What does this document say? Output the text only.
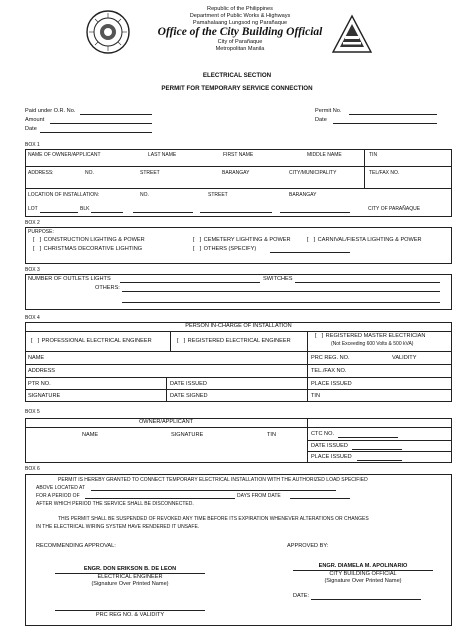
Republic of the Philippines
Department of Public Works & Highways
Pamahalaang Lungsod ng Parañaque
Office of the City Building Official
City of Parañaque
Metropolitan Manila
ELECTRICAL SECTION
PERMIT FOR TEMPORARY SERVICE CONNECTION
Paid under O.R. No.
Amount
Date
Permit No.
Date
BOX 1
NAME OF OWNER/APPLICANT	LAST NAME	FIRST NAME	MIDDLE NAME	TIN
ADDRESS:	NO.	STREET	BARANGAY	CITY/MUNICIPALITY	TEL/FAX NO.
LOCATION OF INSTALLATION:	NO.	STREET	BARANGAY
LOT	BLK	CITY OF PARAÑAQUE
BOX 2
PURPOSE:
[ ] CONSTRUCTION LIGHTING & POWER	[ ] CEMETERY LIGHTING & POWER	[ ] CARNIVAL/FIESTA LIGHTING & POWER
[ ] CHRISTMAS DECORATIVE LIGHTING	[ ] OTHERS (SPECIFY)
BOX 3
NUMBER OF OUTLETS LIGHTS	SWITCHES
OTHERS:
BOX 4
PERSON IN-CHARGE OF INSTALLATION
[ ] PROFESSIONAL ELECTRICAL ENGINEER	[ ] REGISTERED ELECTRICAL ENGINEER
[ ] REGISTERED MASTER ELECTRICIAN
(Not Exceeding 600 Volts & 500 kVA)
NAME	PRC REG. NO.	VALIDITY
ADDRESS	TEL./FAX NO.
PTR NO.	DATE ISSUED	PLACE ISSUED
SIGNATURE	DATE SIGNED	TIN
BOX 5
OWNER/APPLICANT
NAME	SIGNATURE	TIN	CTC NO.
DATE ISSUED
PLACE ISSUED
BOX 6
PERMIT IS HEREBY GRANTED TO CONNECT TEMPORARY ELECTRICAL INSTALLATION WITH THE AUTHORIZED LOAD SPECIFIED
ABOVE LOCATED AT
FOR A PERIOD OF	DAYS FROM DATE
AFTER WHICH PERIOD THE SERVICE SHALL BE DISCONNECTED.
THIS PERMIT SHALL BE SUSPENDED OF REVOKED ANY TIME BEFORE ITS EXPIRATION WHENEVER ALTERATIONS OR CHANGES
IN THE ELECTRICAL WIRING SYSTEM HAVE RENDERED IT UNSAFE.
RECOMMENDING APPROVAL:	APPROVED BY:
ENGR. DON ERIKSON B. DE LEON
ELECTRICAL ENGINEER
(Signature Over Printed Name)
ENGR. DIAMELA M. APOLINARIO
CITY BUILDING OFFICIAL
(Signature Over Printed Name)
DATE:
PRC REG NO. & VALIDITY
